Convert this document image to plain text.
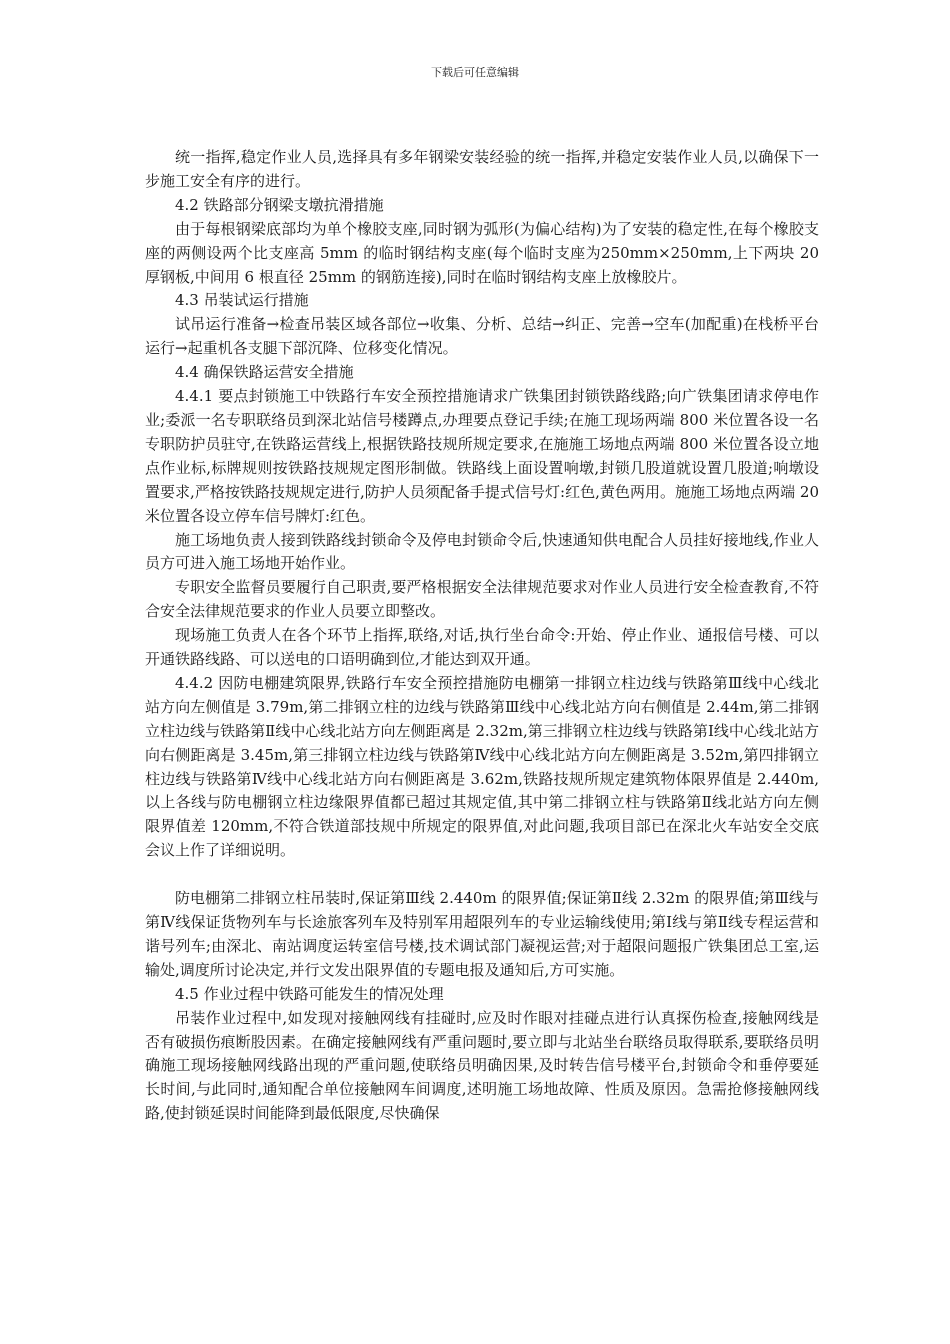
下载后可任意编辑

统一指挥,稳定作业人员,选择具有多年钢梁安装经验的统一指挥,并稳定安装作业人员,以确保下一步施工安全有序的进行。

4.2 铁路部分钢梁支墩抗滑措施

由于每根钢梁底部均为单个橡胶支座,同时钢为弧形(为偏心结构)为了安装的稳定性,在每个橡胶支座的两侧设两个比支座高 5mm 的临时钢结构支座(每个临时支座为250mm×250mm,上下两块 20 厚钢板,中间用 6 根直径 25mm 的钢筋连接),同时在临时钢结构支座上放橡胶片。

4.3 吊装试运行措施

试吊运行准备→检查吊装区域各部位→收集、分析、总结→纠正、完善→空车(加配重)在栈桥平台运行→起重机各支腿下部沉降、位移变化情况。

4.4 确保铁路运营安全措施

4.4.1 要点封锁施工中铁路行车安全预控措施请求广铁集团封锁铁路线路;向广铁集团请求停电作业;委派一名专职联络员到深北站信号楼蹲点,办理要点登记手续;在施工现场两端 800 米位置各设一名专职防护员驻守,在铁路运营线上,根据铁路技规所规定要求,在施施工场地点两端 800 米位置各设立地点作业标,标牌规则按铁路技规规定图形制做。铁路线上面设置响墩,封锁几股道就设置几股道;响墩设置要求,严格按铁路技规规定进行,防护人员须配备手提式信号灯:红色,黄色两用。施施工场地点两端 20 米位置各设立停车信号牌灯:红色。

施工场地负责人接到铁路线封锁命令及停电封锁命令后,快速通知供电配合人员挂好接地线,作业人员方可进入施工场地开始作业。

专职安全监督员要履行自己职责,要严格根据安全法律规范要求对作业人员进行安全检查教育,不符合安全法律规范要求的作业人员要立即整改。

现场施工负责人在各个环节上指挥,联络,对话,执行坐台命令:开始、停止作业、通报信号楼、可以开通铁路线路、可以送电的口语明确到位,才能达到双开通。

4.4.2 因防电棚建筑限界,铁路行车安全预控措施防电棚第一排钢立柱边线与铁路第Ⅲ线中心线北站方向左侧值是 3.79m,第二排钢立柱的边线与铁路第Ⅲ线中心线北站方向右侧值是 2.44m,第二排钢立柱边线与铁路第Ⅱ线中心线北站方向左侧距离是 2.32m,第三排钢立柱边线与铁路第Ⅰ线中心线北站方向右侧距离是 3.45m,第三排钢立柱边线与铁路第Ⅳ线中心线北站方向左侧距离是 3.52m,第四排钢立柱边线与铁路第Ⅳ线中心线北站方向右侧距离是 3.62m,铁路技规所规定建筑物体限界值是 2.440m,以上各线与防电棚钢立柱边缘限界值都已超过其规定值,其中第二排钢立柱与铁路第Ⅱ线北站方向左侧限界值差 120mm,不符合铁道部技规中所规定的限界值,对此问题,我项目部已在深北火车站安全交底会议上作了详细说明。

防电棚第二排钢立柱吊装时,保证第Ⅲ线 2.440m 的限界值;保证第Ⅱ线 2.32m 的限界值;第Ⅲ线与第Ⅳ线保证货物列车与长途旅客列车及特别军用超限列车的专业运输线使用;第Ⅰ线与第Ⅱ线专程运营和谐号列车;由深北、南站调度运转室信号楼,技术调试部门凝视运营;对于超限问题报广铁集团总工室,运输处,调度所讨论决定,并行文发出限界值的专题电报及通知后,方可实施。

4.5 作业过程中铁路可能发生的情况处理

吊装作业过程中,如发现对接触网线有挂碰时,应及时作眼对挂碰点进行认真探伤检查,接触网线是否有破损伤痕断股因素。在确定接触网线有严重问题时,要立即与北站坐台联络员取得联系,要联络员明确施工现场接触网线路出现的严重问题,使联络员明确因果,及时转告信号楼平台,封锁命令和垂停要延长时间,与此同时,通知配合单位接触网车间调度,述明施工场地故障、性质及原因。急需抢修接触网线路,使封锁延误时间能降到最低限度,尽快确保
